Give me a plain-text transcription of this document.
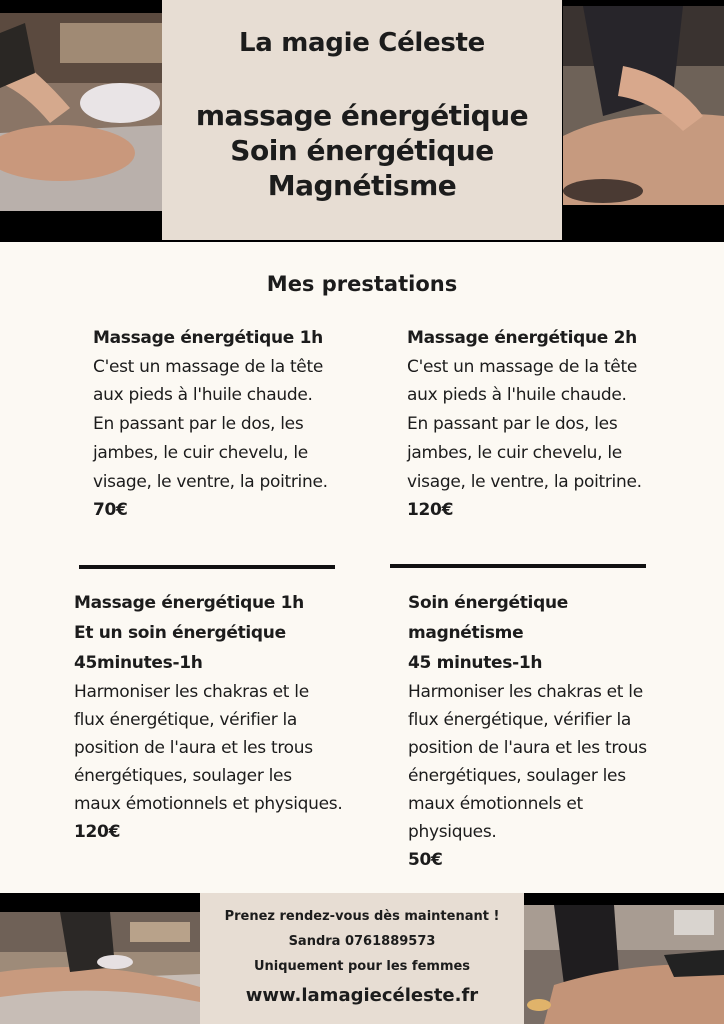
La magie Céleste
massage énergétique
Soin énergétique
Magnétisme
Mes prestations
Massage énergétique 1h
C'est un massage de la tête
aux pieds à l'huile chaude.
En passant par le dos, les
jambes, le cuir chevelu, le
visage, le ventre, la poitrine.
70€
Massage énergétique 2h
C'est un massage de la tête
aux pieds à l'huile chaude.
En passant par le dos, les
jambes, le cuir chevelu, le
visage, le ventre, la poitrine.
120€
Massage énergétique 1h
Et un soin énergétique
45minutes-1h
Harmoniser les chakras et le
flux énergétique, vérifier la
position de l'aura et les trous
énergétiques, soulager les
maux émotionnels et physiques.
120€
Soin énergétique
magnétisme
45 minutes-1h
Harmoniser les chakras et le
flux énergétique, vérifier la
position de l'aura et les trous
énergétiques, soulager les
maux émotionnels et
physiques.
50€
Prenez rendez-vous dès maintenant !
Sandra 0761889573
Uniquement pour les femmes
www.lamagiecéleste.fr
